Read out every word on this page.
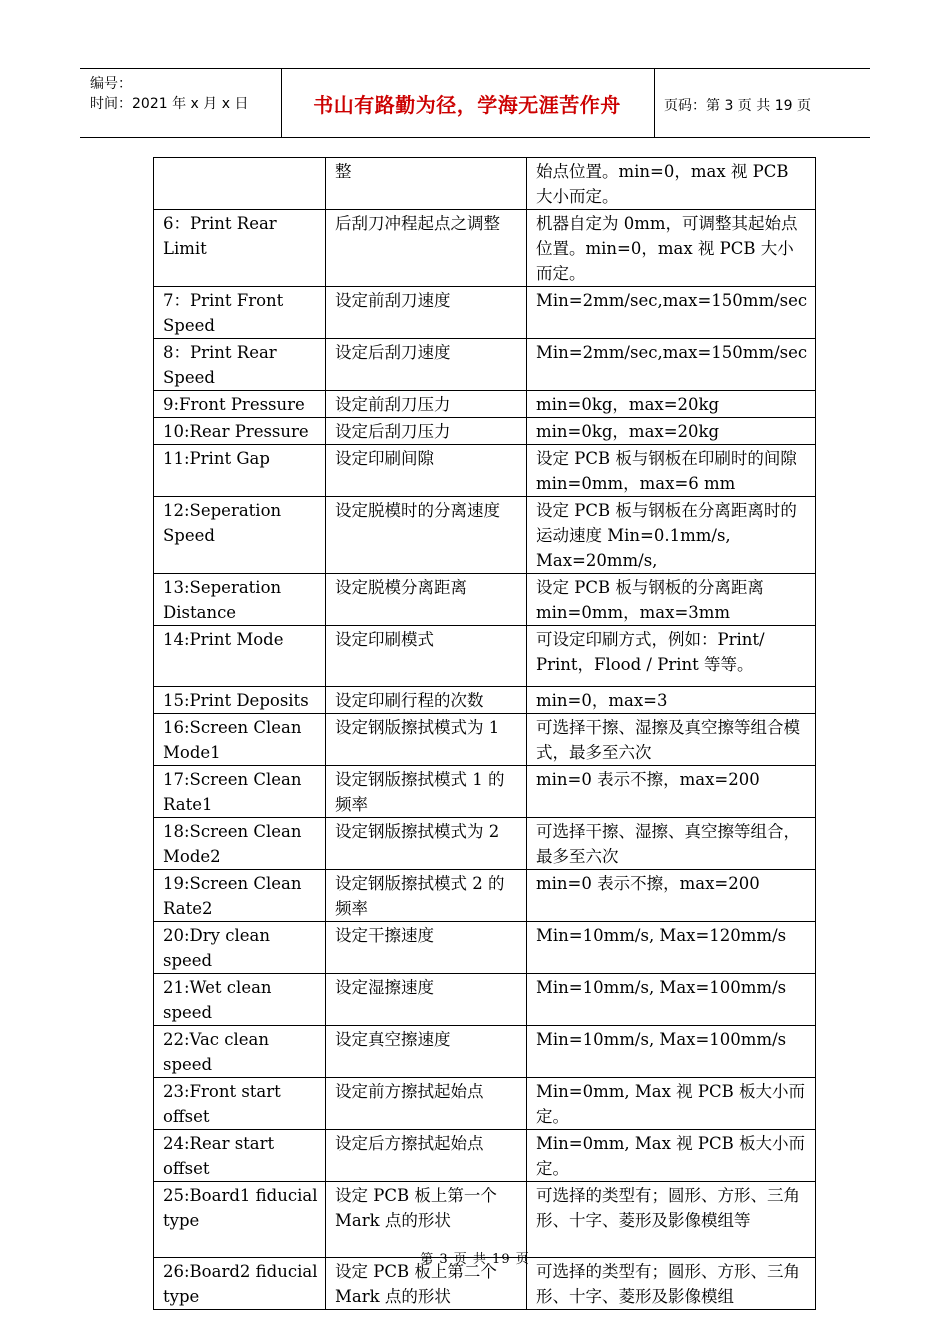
编号：
时间：2021 年 x 月 x 日	书山有路勤为径，学海无涯苦作舟	页码：第 3 页 共 19 页
	整	始点位置。min=0，max 视 PCB 大小而定。
6：Print Rear Limit	后刮刀冲程起点之调整	机器自定为 0mm，可调整其起始点位置。min=0，max 视 PCB 大小而定。
7：Print Front Speed	设定前刮刀速度	Min=2mm/sec,max=150mm/sec
8：Print Rear Speed	设定后刮刀速度	Min=2mm/sec,max=150mm/sec
9:Front Pressure	设定前刮刀压力	min=0kg，max=20kg
10:Rear Pressure	设定后刮刀压力	min=0kg，max=20kg
11:Print Gap	设定印刷间隙	设定 PCB 板与钢板在印刷时的间隙 min=0mm，max=6 mm
12:Seperation Speed	设定脱模时的分离速度	设定 PCB 板与钢板在分离距离时的运动速度 Min=0.1mm/s, Max=20mm/s,
13:Seperation Distance	设定脱模分离距离	设定 PCB 板与钢板的分离距离 min=0mm，max=3mm
14:Print Mode	设定印刷模式	可设定印刷方式，例如：Print/ Print，Flood / Print 等等。
15:Print Deposits	设定印刷行程的次数	min=0，max=3
16:Screen Clean Mode1	设定钢版擦拭模式为 1	可选择干擦、湿擦及真空擦等组合模式，最多至六次
17:Screen Clean Rate1	设定钢版擦拭模式 1 的频率	min=0 表示不擦，max=200
18:Screen Clean Mode2	设定钢版擦拭模式为 2	可选择干擦、湿擦、真空擦等组合，最多至六次
19:Screen Clean Rate2	设定钢版擦拭模式 2 的频率	min=0 表示不擦，max=200
20:Dry clean speed	设定干擦速度	Min=10mm/s, Max=120mm/s
21:Wet clean speed	设定湿擦速度	Min=10mm/s, Max=100mm/s
22:Vac clean speed	设定真空擦速度	Min=10mm/s, Max=100mm/s
23:Front start offset	设定前方擦拭起始点	Min=0mm, Max 视 PCB 板大小而定。
24:Rear start offset	设定后方擦拭起始点	Min=0mm, Max 视 PCB 板大小而定。
25:Board1 fiducial type	设定 PCB 板上第一个 Mark 点的形状	可选择的类型有；圆形、方形、三角形、十字、菱形及影像模组等
26:Board2 fiducial type	设定 PCB 板上第二个 Mark 点的形状	可选择的类型有；圆形、方形、三角形、十字、菱形及影像模组
第 3 页 共 19 页
